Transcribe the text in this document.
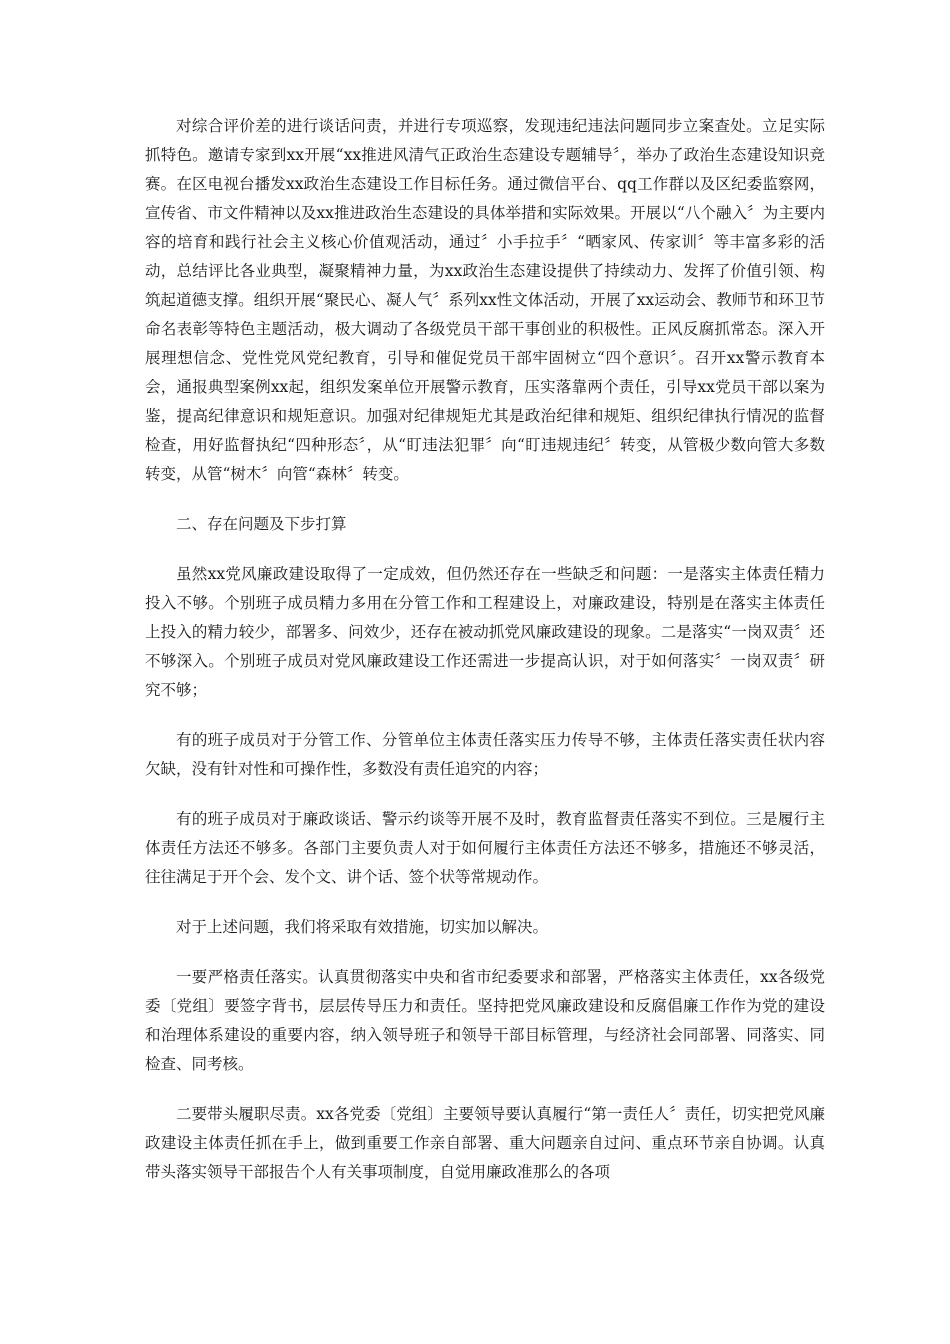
对综合评价差的进行谈话问责，并进行专项巡察，发现违纪违法问题同步立案查处。立足实际抓特色。邀请专家到xx开展“xx推进风清气正政治生态建设专题辅导〞，举办了政治生态建设知识竞赛。在区电视台播发xx政治生态建设工作目标任务。通过微信平台、qq工作群以及区纪委监察网，宣传省、市文件精神以及xx推进政治生态建设的具体举措和实际效果。开展以“八个融入〞为主要内容的培育和践行社会主义核心价值观活动，通过〞小手拉手〞“晒家风、传家训〞等丰富多彩的活动，总结评比各业典型，凝聚精神力量，为xx政治生态建设提供了持续动力、发挥了价值引领、构筑起道德支撑。组织开展“聚民心、凝人气〞系列xx性文体活动，开展了xx运动会、教师节和环卫节命名表彰等特色主题活动，极大调动了各级党员干部干事创业的积极性。正风反腐抓常态。深入开展理想信念、党性党风党纪教育，引导和催促党员干部牢固树立“四个意识〞。召开xx警示教育本会，通报典型案例xx起，组织发案单位开展警示教育，压实落靠两个责任，引导xx党员干部以案为鉴，提高纪律意识和规矩意识。加强对纪律规矩尤其是政治纪律和规矩、组织纪律执行情况的监督检查，用好监督执纪“四种形态〞，从“盯违法犯罪〞向“盯违规违纪〞转变，从管极少数向管大多数转变，从管“树木〞向管“森林〞转变。

二、存在问题及下步打算

虽然xx党风廉政建设取得了一定成效，但仍然还存在一些缺乏和问题：一是落实主体责任精力投入不够。个别班子成员精力多用在分管工作和工程建设上，对廉政建设，特别是在落实主体责任上投入的精力较少，部署多、问效少，还存在被动抓党风廉政建设的现象。二是落实“一岗双责〞还不够深入。个别班子成员对党风廉政建设工作还需进一步提高认识，对于如何落实〞一岗双责〞研究不够；

有的班子成员对于分管工作、分管单位主体责任落实压力传导不够，主体责任落实责任状内容欠缺，没有针对性和可操作性，多数没有责任追究的内容；

有的班子成员对于廉政谈话、警示约谈等开展不及时，教育监督责任落实不到位。三是履行主体责任方法还不够多。各部门主要负责人对于如何履行主体责任方法还不够多，措施还不够灵活，往往满足于开个会、发个文、讲个话、签个状等常规动作。

对于上述问题，我们将采取有效措施，切实加以解决。

一要严格责任落实。认真贯彻落实中央和省市纪委要求和部署，严格落实主体责任，xx各级党委〔党组〕要签字背书，层层传导压力和责任。坚持把党风廉政建设和反腐倡廉工作作为党的建设和治理体系建设的重要内容，纳入领导班子和领导干部目标管理，与经济社会同部署、同落实、同检查、同考核。

二要带头履职尽责。xx各党委〔党组〕主要领导要认真履行“第一责任人〞责任，切实把党风廉政建设主体责任抓在手上，做到重要工作亲自部署、重大问题亲自过问、重点环节亲自协调。认真带头落实领导干部报告个人有关事项制度，自觉用廉政准那么的各项
